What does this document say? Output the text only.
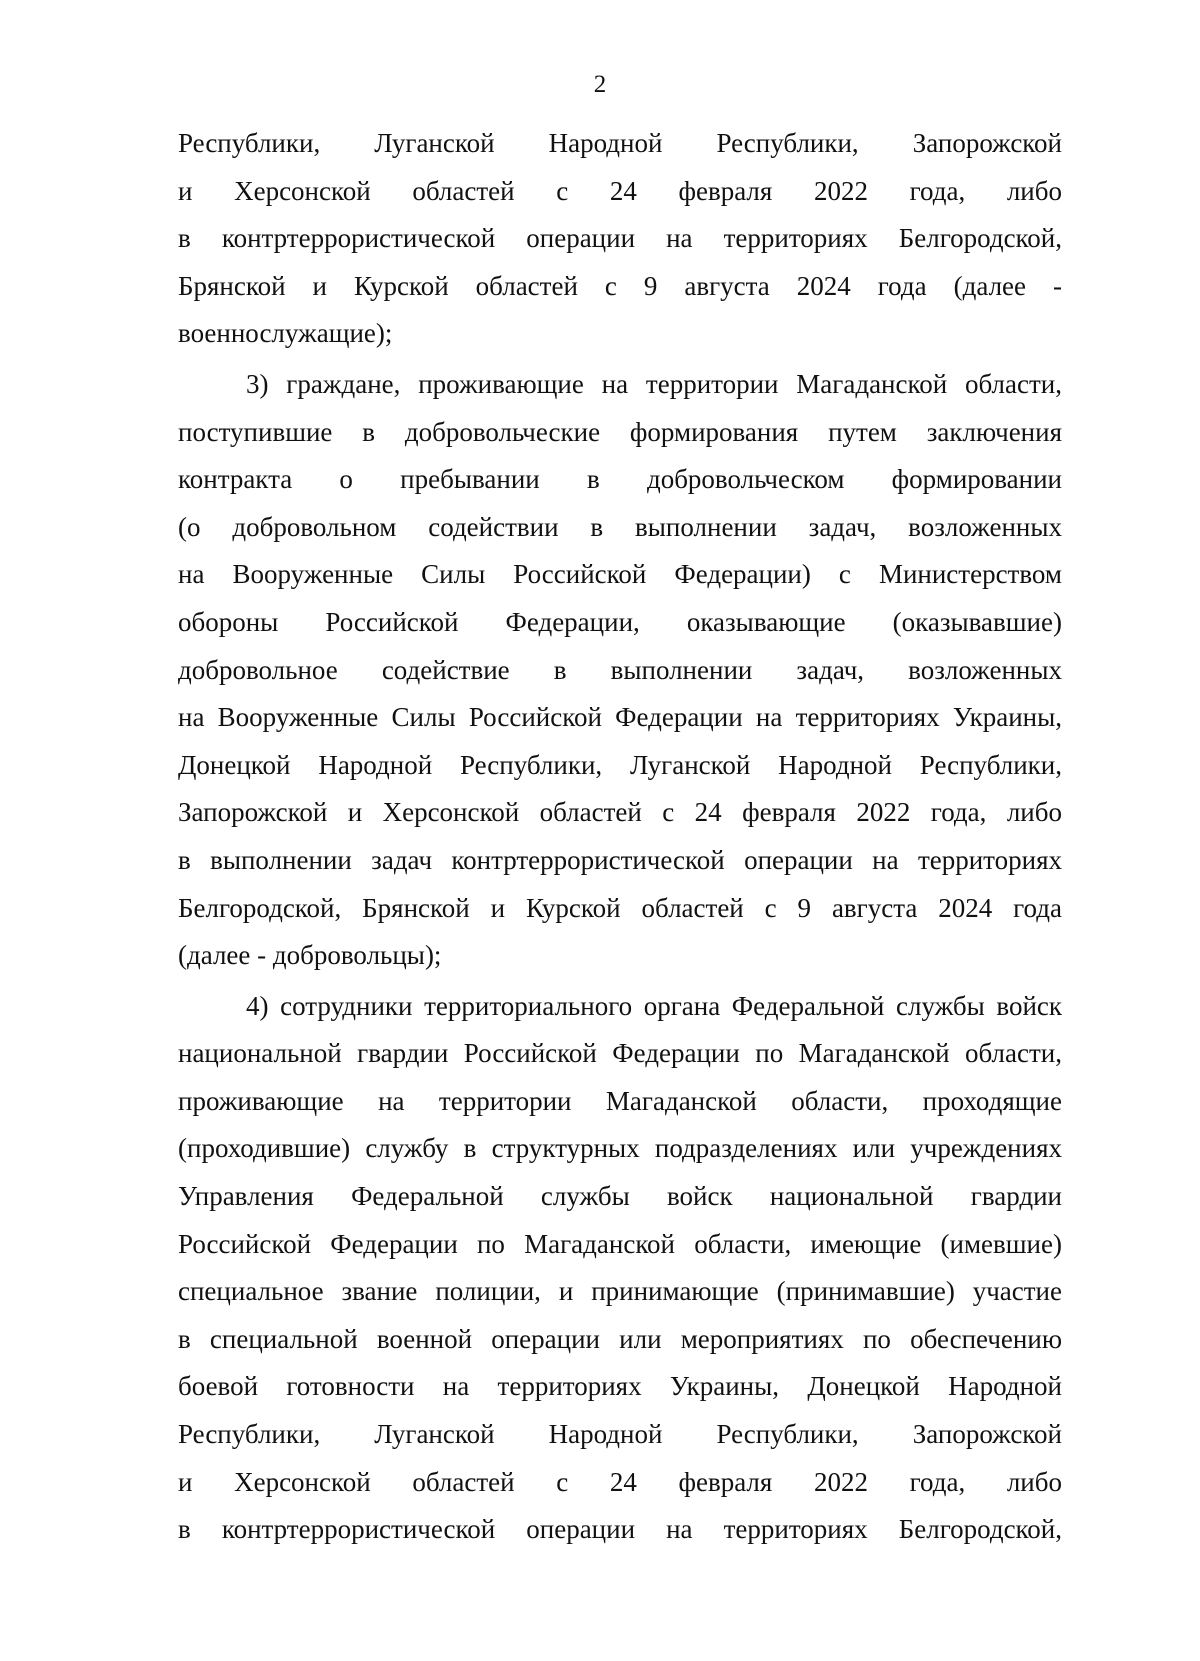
2
Республики, Луганской Народной Республики, Запорожской
и Херсонской областей с 24 февраля 2022 года, либо
в контртеррористической операции на территориях Белгородской,
Брянской и Курской областей с 9 августа 2024 года (далее -
военнослужащие);
3) граждане, проживающие на территории Магаданской области,
поступившие в добровольческие формирования путем заключения
контракта о пребывании в добровольческом формировании
(о добровольном содействии в выполнении задач, возложенных
на Вооруженные Силы Российской Федерации) с Министерством
обороны Российской Федерации, оказывающие (оказывавшие)
добровольное содействие в выполнении задач, возложенных
на Вооруженные Силы Российской Федерации на территориях Украины,
Донецкой Народной Республики, Луганской Народной Республики,
Запорожской и Херсонской областей с 24 февраля 2022 года, либо
в выполнении задач контртеррористической операции на территориях
Белгородской, Брянской и Курской областей с 9 августа 2024 года
(далее - добровольцы);
4) сотрудники территориального органа Федеральной службы войск
национальной гвардии Российской Федерации по Магаданской области,
проживающие на территории Магаданской области, проходящие
(проходившие) службу в структурных подразделениях или учреждениях
Управления Федеральной службы войск национальной гвардии
Российской Федерации по Магаданской области, имеющие (имевшие)
специальное звание полиции, и принимающие (принимавшие) участие
в специальной военной операции или мероприятиях по обеспечению
боевой готовности на территориях Украины, Донецкой Народной
Республики, Луганской Народной Республики, Запорожской
и Херсонской областей с 24 февраля 2022 года, либо
в контртеррористической операции на территориях Белгородской,
